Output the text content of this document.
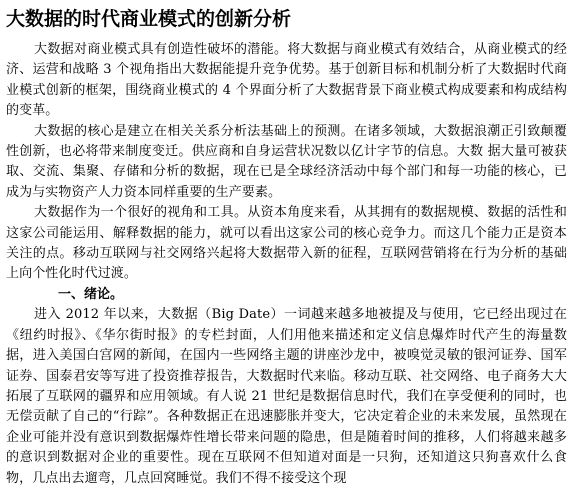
大数据的时代商业模式的创新分析

大数据对商业模式具有创造性破坏的潜能。将大数据与商业模式有效结合，从商业模式的经济、运营和战略 3 个视角指出大数据能提升竞争优势。基于创新目标和机制分析了大数据时代商业模式创新的框架，围绕商业模式的 4 个界面分析了大数据背景下商业模式构成要素和构成结构的变革。

大数据的核心是建立在相关关系分析法基础上的预测。在诸多领域，大数据浪潮正引致颠覆性创新，也必将带来制度变迁。供应商和自身运营状况数以亿计字节的信息。大数 据大量可被获取、交流、集聚、存储和分析的数据，现在已是全球经济活动中每个部门和每一功能的核心，已成为与实物资产人力资本同样重要的生产要素。

大数据作为一个很好的视角和工具。从资本角度来看，从其拥有的数据规模、数据的活性和这家公司能运用、解释数据的能力，就可以看出这家公司的核心竞争力。而这几个能力正是资本关注的点。移动互联网与社交网络兴起将大数据带入新的征程，互联网营销将在行为分析的基础上向个性化时代过渡。

一、绪论。

进入 2012 年以来，大数据（Big Date）一词越来越多地被提及与使用，它已经出现过在《纽约时报》、《华尔街时报》的专栏封面，人们用他来描述和定义信息爆炸时代产生的海量数据，进入美国白宫网的新闻，在国内一些网络主题的讲座沙龙中，被嗅觉灵敏的银河证券、国军证券、国泰君安等写进了投资推荐报告，大数据时代来临。移动互联、社交网络、电子商务大大拓展了互联网的疆界和应用领域。有人说 21 世纪是数据信息时代，我们在享受便利的同时，也无偿贡献了自己的“行踪”。各种数据正在迅速膨胀并变大，它决定着企业的未来发展，虽然现在企业可能并没有意识到数据爆炸性增长带来问题的隐患，但是随着时间的推移，人们将越来越多的意识到数据对企业的重要性。现在互联网不但知道对面是一只狗，还知道这只狗喜欢什么食物，几点出去遛弯，几点回窝睡觉。我们不得不接受这个现
